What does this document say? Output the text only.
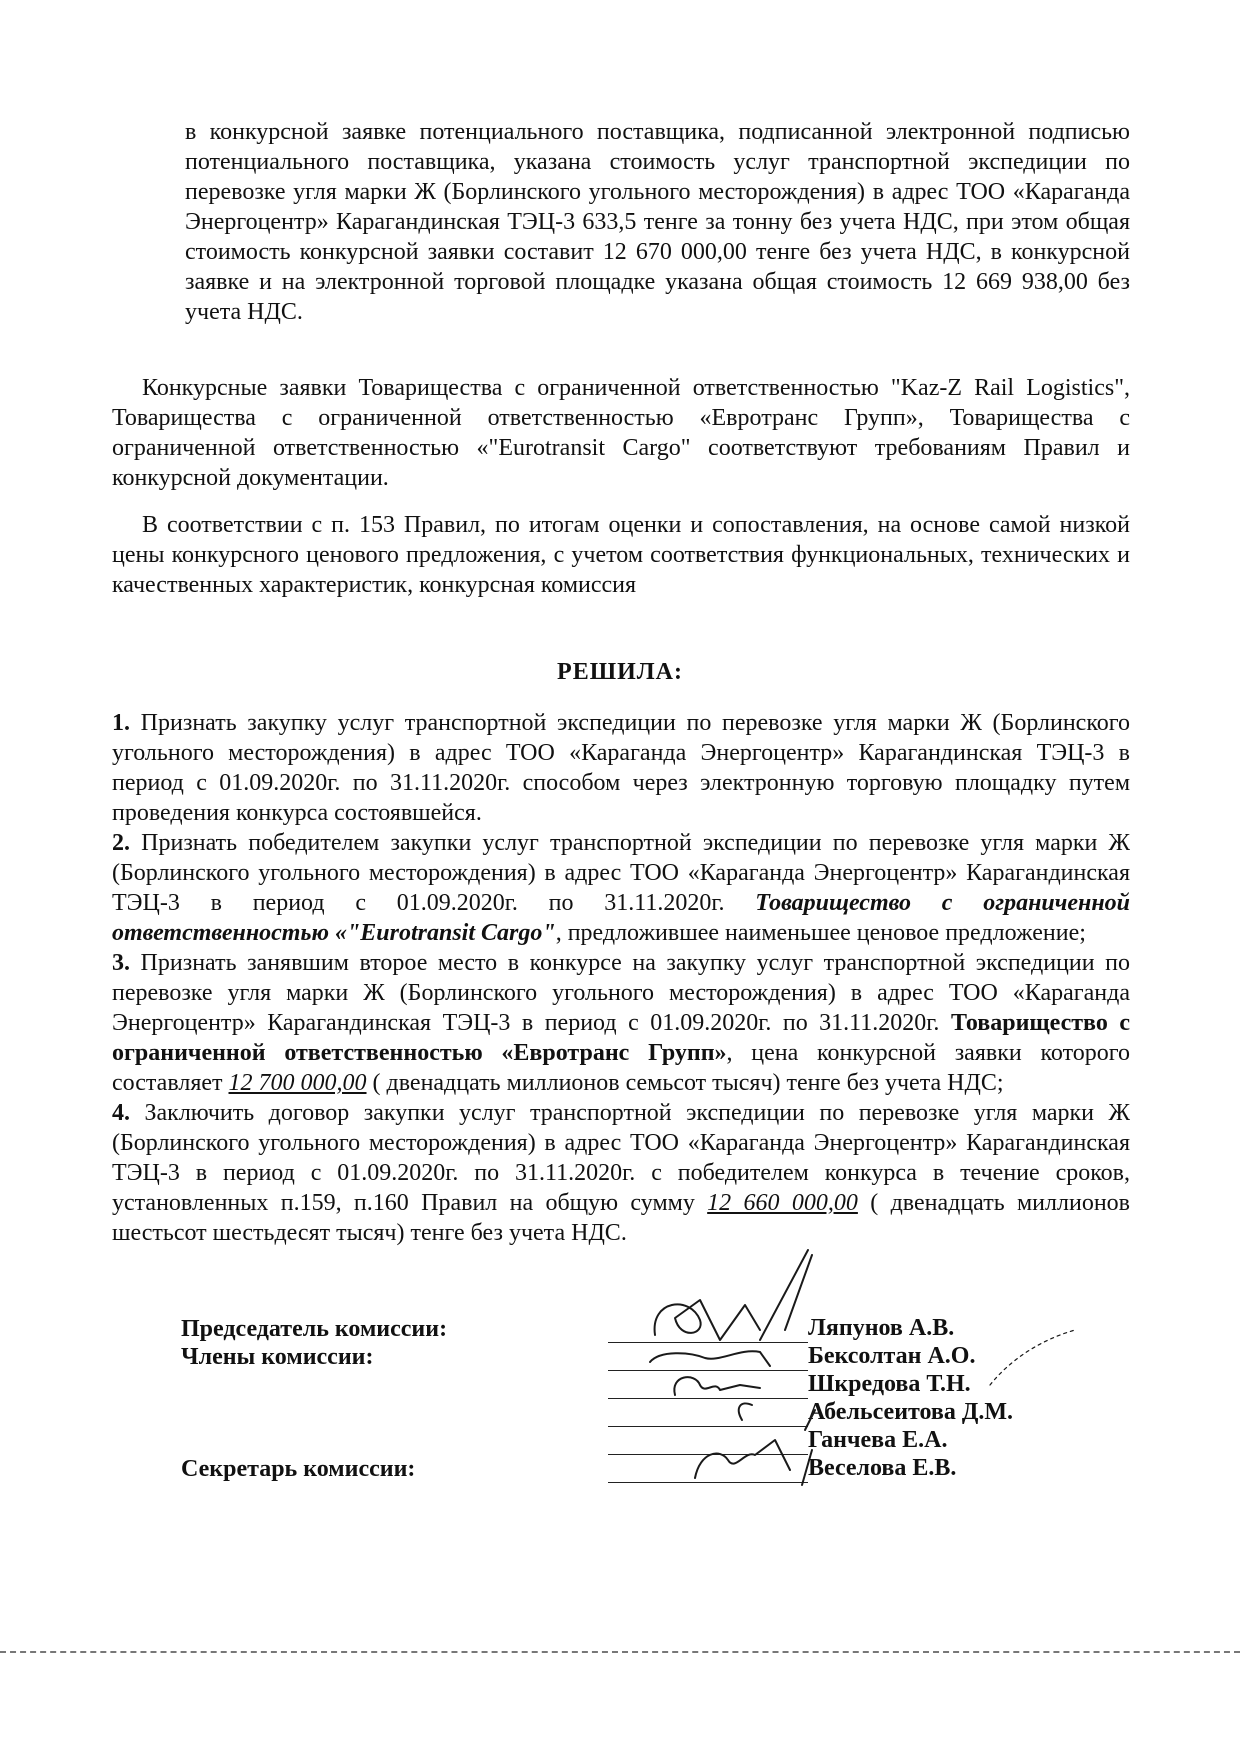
в конкурсной заявке потенциального поставщика, подписанной электронной подписью потенциального поставщика, указана стоимость услуг транспортной экспедиции по перевозке угля марки Ж (Борлинского угольного месторождения) в адрес ТОО «Караганда Энергоцентр» Карагандинская ТЭЦ-3 633,5 тенге за тонну без учета НДС, при этом общая стоимость конкурсной заявки составит 12 670 000,00 тенге без учета НДС, в конкурсной заявке и на электронной торговой площадке указана общая стоимость 12 669 938,00 без учета НДС.
Конкурсные заявки Товарищества с ограниченной ответственностью "Kaz-Z Rail Logistics", Товарищества с ограниченной ответственностью «Евротранс Групп», Товарищества с ограниченной ответственностью «"Eurotransit Cargo" соответствуют требованиям Правил и конкурсной документации.
В соответствии с п. 153 Правил, по итогам оценки и сопоставления, на основе самой низкой цены конкурсного ценового предложения, с учетом соответствия функциональных, технических и качественных характеристик, конкурсная комиссия
РЕШИЛА:
1. Признать закупку услуг транспортной экспедиции по перевозке угля марки Ж (Борлинского угольного месторождения) в адрес ТОО «Караганда Энергоцентр» Карагандинская ТЭЦ-3 в период с 01.09.2020г. по 31.11.2020г. способом через электронную торговую площадку путем проведения конкурса состоявшейся.
2. Признать победителем закупки услуг транспортной экспедиции по перевозке угля марки Ж (Борлинского угольного месторождения) в адрес ТОО «Караганда Энергоцентр» Карагандинская ТЭЦ-3 в период с 01.09.2020г. по 31.11.2020г. Товарищество с ограниченной ответственностью «"Eurotransit Cargo", предложившее наименьшее ценовое предложение;
3. Признать занявшим второе место в конкурсе на закупку услуг транспортной экспедиции по перевозке угля марки Ж (Борлинского угольного месторождения) в адрес ТОО «Караганда Энергоцентр» Карагандинская ТЭЦ-3 в период с 01.09.2020г. по 31.11.2020г. Товарищество с ограниченной ответственностью «Евротранс Групп», цена конкурсной заявки которого составляет 12 700 000,00 ( двенадцать миллионов семьсот тысяч) тенге без учета НДС;
4. Заключить договор закупки услуг транспортной экспедиции по перевозке угля марки Ж (Борлинского угольного месторождения) в адрес ТОО «Караганда Энергоцентр» Карагандинская ТЭЦ-3 в период с 01.09.2020г. по 31.11.2020г. с победителем конкурса в течение сроков, установленных п.159, п.160 Правил на общую сумму 12 660 000,00 ( двенадцать миллионов шестьсот шестьдесят тысяч) тенге без учета НДС.
Председатель комиссии:
Члены комиссии:
Секретарь комиссии:
Ляпунов А.В.
Бексолтан А.О.
Шкредова Т.Н.
Абельсеитова Д.М.
Ганчева Е.А.
Веселова Е.В.
